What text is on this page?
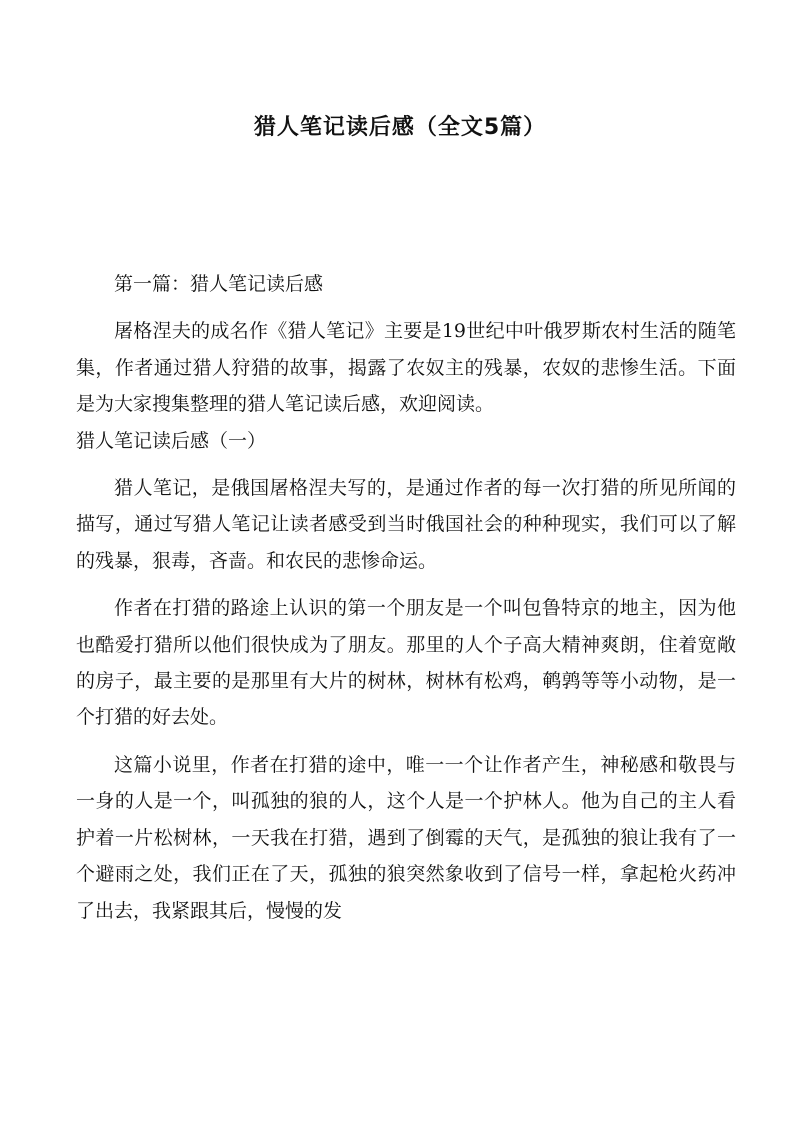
猎人笔记读后感（全文5篇）

第一篇：猎人笔记读后感

屠格涅夫的成名作《猎人笔记》主要是19世纪中叶俄罗斯农村生活的随笔集，作者通过猎人狩猎的故事，揭露了农奴主的残暴，农奴的悲惨生活。下面是为大家搜集整理的猎人笔记读后感，欢迎阅读。

猎人笔记读后感（一）

猎人笔记，是俄国屠格涅夫写的，是通过作者的每一次打猎的所见所闻的描写，通过写猎人笔记让读者感受到当时俄国社会的种种现实，我们可以了解的残暴，狠毒，吝啬。和农民的悲惨命运。

作者在打猎的路途上认识的第一个朋友是一个叫包鲁特京的地主，因为他也酷爱打猎所以他们很快成为了朋友。那里的人个子高大精神爽朗，住着宽敞的房子，最主要的是那里有大片的树林，树林有松鸡，鹌鹑等等小动物，是一个打猎的好去处。

这篇小说里，作者在打猎的途中，唯一一个让作者产生，神秘感和敬畏与一身的人是一个，叫孤独的狼的人，这个人是一个护林人。他为自己的主人看护着一片松树林，一天我在打猎，遇到了倒霉的天气，是孤独的狼让我有了一个避雨之处，我们正在了天，孤独的狼突然象收到了信号一样，拿起枪火药冲了出去，我紧跟其后，慢慢的发
